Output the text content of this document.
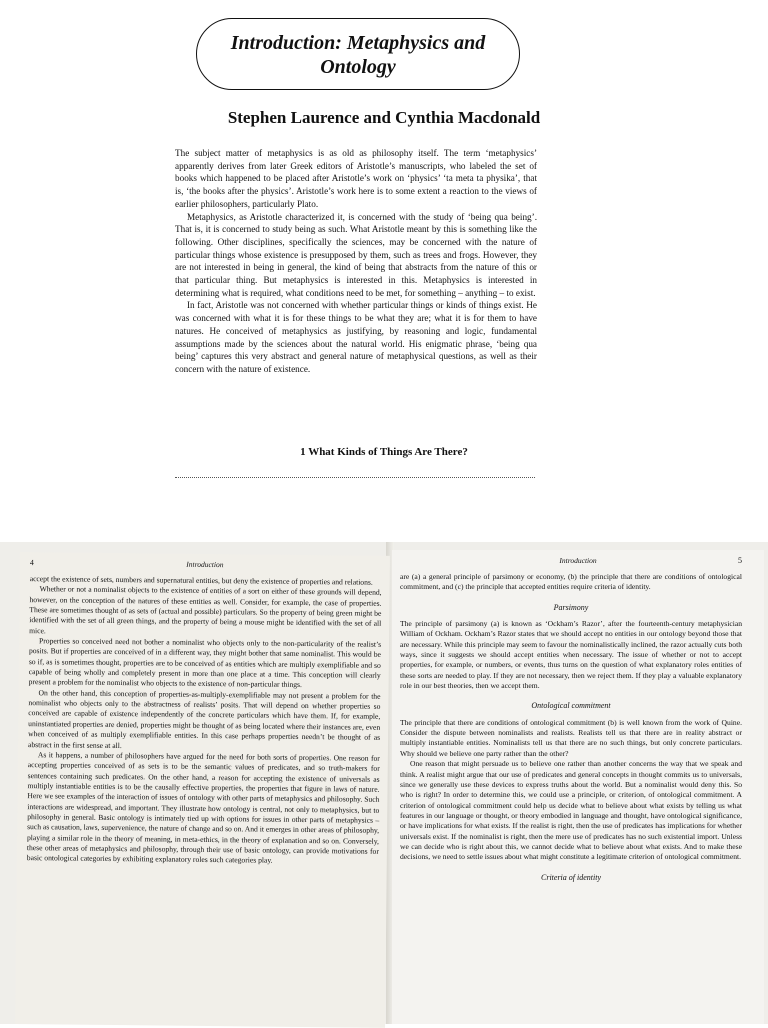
Introduction: Metaphysics and
Ontology
Stephen Laurence and Cynthia Macdonald

The subject matter of metaphysics is as old as philosophy itself. The term ‘metaphysics’ apparently derives from later Greek editors of Aristotle’s manuscripts, who labeled the set of books which happened to be placed after Aristotle’s work on ‘physics’ ‘ta meta ta physika’, that is, ‘the books after the physics’. Aristotle’s work here is to some extent a reaction to the views of earlier philosophers, particularly Plato.

Metaphysics, as Aristotle characterized it, is concerned with the study of ‘being qua being’. That is, it is concerned to study being as such. What Aristotle meant by this is something like the following. Other disciplines, specifically the sciences, may be concerned with the nature of particular things whose existence is presupposed by them, such as trees and frogs. However, they are not interested in being in general, the kind of being that abstracts from the nature of this or that particular thing. But metaphysics is interested in this. Metaphysics is interested in determining what is required, what conditions need to be met, for something – anything – to exist.

In fact, Aristotle was not concerned with whether particular things or kinds of things exist. He was concerned with what it is for these things to be what they are; what it is for them to have natures. He conceived of metaphysics as justifying, by reasoning and logic, fundamental assumptions made by the sciences about the natural world. His enigmatic phrase, ‘being qua being’ captures this very abstract and general nature of metaphysical questions, as well as their concern with the nature of existence.

1 What Kinds of Things Are There?
4	Introduction

accept the existence of sets, numbers and supernatural entities, but deny the existence of properties and relations.

Whether or not a nominalist objects to the existence of entities of a sort on either of these grounds will depend, however, on the conception of the natures of these entities as well. Consider, for example, the case of properties. These are sometimes thought of as sets of (actual and possible) particulars. So the property of being green might be identified with the set of all green things, and the property of being a mouse might be identified with the set of all mice.

Properties so conceived need not bother a nominalist who objects only to the non-particularity of the realist’s posits. But if properties are conceived of in a different way, they might bother that same nominalist. This would be so if, as is sometimes thought, properties are to be conceived of as entities which are multiply exemplifiable and so capable of being wholly and completely present in more than one place at a time. This conception will clearly present a problem for the nominalist who objects to the existence of non-particular things.

On the other hand, this conception of properties-as-multiply-exemplifiable may not present a problem for the nominalist who objects only to the abstractness of realists’ posits. That will depend on whether properties so conceived are capable of existence independently of the concrete particulars which have them. If, for example, uninstantiated properties are denied, properties might be thought of as being located where their instances are, even when conceived of as multiply exemplifiable entities. In this case perhaps properties needn’t be thought of as abstract in the first sense at all.

As it happens, a number of philosophers have argued for the need for both sorts of properties. One reason for accepting properties conceived of as sets is to be the semantic values of predicates, and so truth-makers for sentences containing such predicates. On the other hand, a reason for accepting the existence of universals as multiply instantiable entities is to be the causally effective properties, the properties that figure in laws of nature. Here we see examples of the interaction of issues of ontology with other parts of metaphysics and philosophy. Such interactions are widespread, and important. They illustrate how ontology is central, not only to metaphysics, but to philosophy in general. Basic ontology is intimately tied up with options for issues in other parts of metaphysics – such as causation, laws, supervenience, the nature of change and so on. And it emerges in other areas of philosophy, playing a similar role in the theory of meaning, in meta-ethics, in the theory of explanation and so on. Conversely, these other areas of metaphysics and philosophy, through their use of basic ontology, can provide motivations for basic ontological categories by exhibiting explanatory roles such categories play.

Introduction	5

are (a) a general principle of parsimony or economy, (b) the principle that there are conditions of ontological commitment, and (c) the principle that accepted entities require criteria of identity.

Parsimony

The principle of parsimony (a) is known as ‘Ockham’s Razor’, after the fourteenth-century metaphysician William of Ockham. Ockham’s Razor states that we should accept no entities in our ontology beyond those that are necessary. While this principle may seem to favour the nominalistically inclined, the razor actually cuts both ways, since it suggests we should accept entities when necessary. The issue of whether or not to accept properties, for example, or numbers, or events, thus turns on the question of what explanatory roles entities of these sorts are needed to play. If they are not necessary, then we reject them. If they play a valuable explanatory role in our best theories, then we accept them.

Ontological commitment

The principle that there are conditions of ontological commitment (b) is well known from the work of Quine. Consider the dispute between nominalists and realists. Realists tell us that there are in reality abstract or multiply instantiable entities. Nominalists tell us that there are no such things, but only concrete particulars. Why should we believe one party rather than the other?

One reason that might persuade us to believe one rather than another concerns the way that we speak and think. A realist might argue that our use of predicates and general concepts in thought commits us to universals, since we generally use these devices to express truths about the world. But a nominalist would deny this. So who is right? In order to determine this, we could use a principle, or criterion, of ontological commitment. A criterion of ontological commitment could help us decide what to believe about what exists by telling us what features in our language or thought, or theory embodied in language and thought, have ontological significance, or have implications for what exists. If the realist is right, then the use of predicates has implications for whether universals exist. If the nominalist is right, then the mere use of predicates has no such existential import. Unless we can decide who is right about this, we cannot decide what to believe about what exists. And to make these decisions, we need to settle issues about what might constitute a legitimate criterion of ontological commitment.

Criteria of identity
